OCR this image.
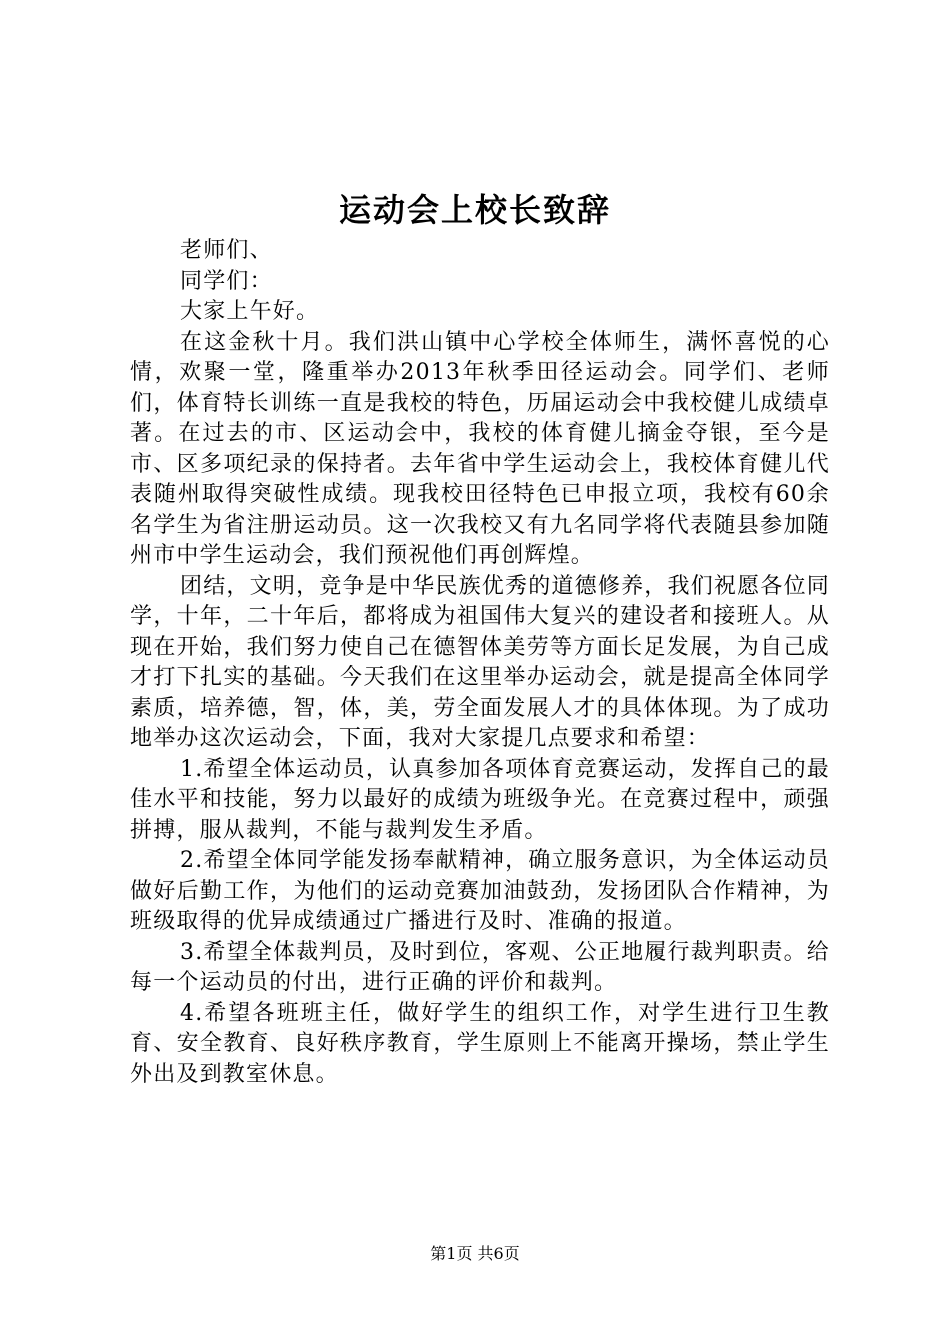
运动会上校长致辞

老师们、

同学们：

大家上午好。

在这金秋十月。我们洪山镇中心学校全体师生，满怀喜悦的心情，欢聚一堂，隆重举办2013年秋季田径运动会。同学们、老师们，体育特长训练一直是我校的特色，历届运动会中我校健儿成绩卓著。在过去的市、区运动会中，我校的体育健儿摘金夺银，至今是市、区多项纪录的保持者。去年省中学生运动会上，我校体育健儿代表随州取得突破性成绩。现我校田径特色已申报立项，我校有60余名学生为省注册运动员。这一次我校又有九名同学将代表随县参加随州市中学生运动会，我们预祝他们再创辉煌。

团结，文明，竞争是中华民族优秀的道德修养，我们祝愿各位同学，十年，二十年后，都将成为祖国伟大复兴的建设者和接班人。从现在开始，我们努力使自己在德智体美劳等方面长足发展，为自己成才打下扎实的基础。今天我们在这里举办运动会，就是提高全体同学素质，培养德，智，体，美，劳全面发展人才的具体体现。为了成功地举办这次运动会，下面，我对大家提几点要求和希望：

1.希望全体运动员，认真参加各项体育竞赛运动，发挥自己的最佳水平和技能，努力以最好的成绩为班级争光。在竞赛过程中，顽强拼搏，服从裁判，不能与裁判发生矛盾。

2.希望全体同学能发扬奉献精神，确立服务意识，为全体运动员做好后勤工作，为他们的运动竞赛加油鼓劲，发扬团队合作精神，为班级取得的优异成绩通过广播进行及时、准确的报道。

3.希望全体裁判员，及时到位，客观、公正地履行裁判职责。给每一个运动员的付出，进行正确的评价和裁判。

4.希望各班班主任，做好学生的组织工作，对学生进行卫生教育、安全教育、良好秩序教育，学生原则上不能离开操场，禁止学生外出及到教室休息。

第1页 共6页
